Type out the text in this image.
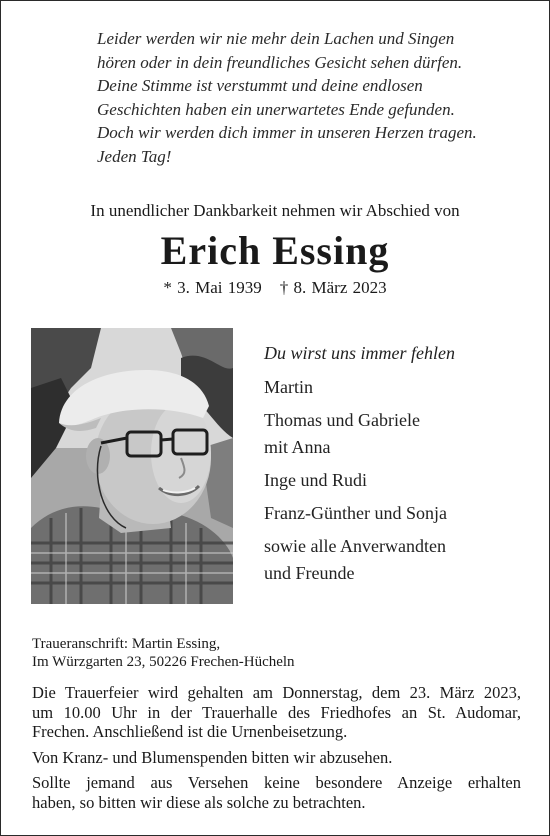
Leider werden wir nie mehr dein Lachen und Singen
hören oder in dein freundliches Gesicht sehen dürfen.
Deine Stimme ist verstummt und deine endlosen
Geschichten haben ein unerwartetes Ende gefunden.
Doch wir werden dich immer in unseren Herzen tragen.
Jeden Tag!
In unendlicher Dankbarkeit nehmen wir Abschied von
Erich Essing
* 3. Mai 1939 † 8. März 2023
Du wirst uns immer fehlen
Martin
Thomas und Gabriele
mit Anna
Inge und Rudi
Franz-Günther und Sonja
sowie alle Anverwandten
und Freunde
Traueranschrift: Martin Essing,
Im Würzgarten 23, 50226 Frechen-Hücheln

Die Trauerfeier wird gehalten am Donnerstag, dem 23. März 2023,
um 10.00 Uhr in der Trauerhalle des Friedhofes an St. Audomar,
Frechen. Anschließend ist die Urnenbeisetzung.

Von Kranz- und Blumenspenden bitten wir abzusehen.

Sollte jemand aus Versehen keine besondere Anzeige erhalten
haben, so bitten wir diese als solche zu betrachten.
